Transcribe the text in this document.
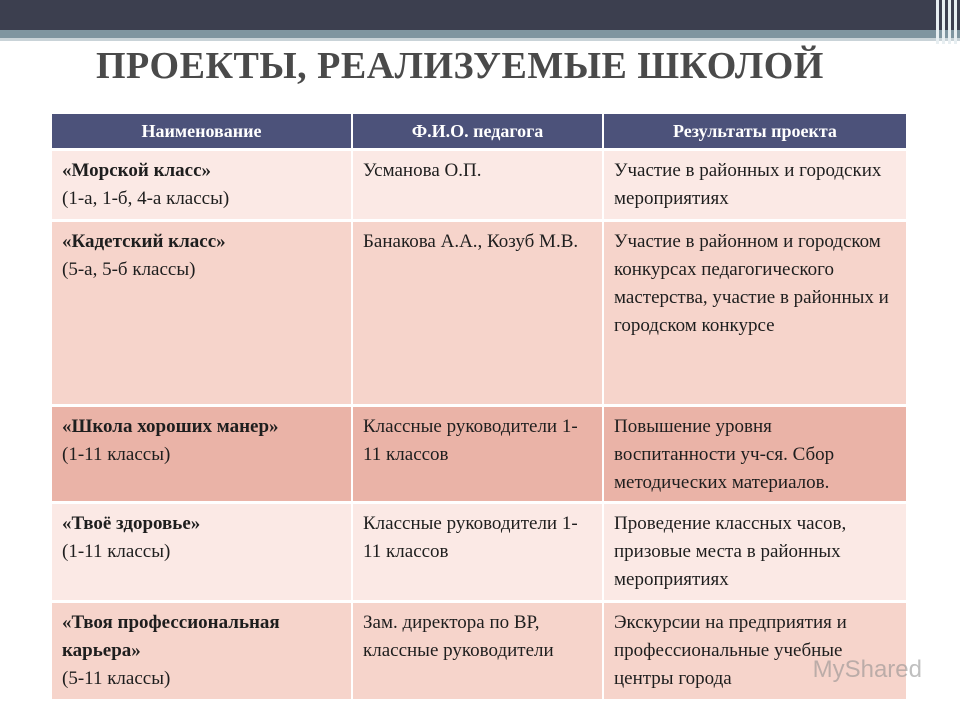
ПРОЕКТЫ, РЕАЛИЗУЕМЫЕ ШКОЛОЙ
Наименование	Ф.И.О. педагога	Результаты проекта

«Морской класс»
(1-а, 1-б, 4-а классы)	Усманова О.П.	Участие в районных и городских мероприятиях

«Кадетский класс»
(5-а, 5-б классы)	Банакова А.А., Козуб М.В.	Участие в районном и городском конкурсах педагогического мастерства, участие в районных и городском конкурсе

«Школа хороших манер»
(1-11 классы)	Классные руководители 1-11 классов	Повышение уровня воспитанности уч-ся. Сбор методических материалов.

«Твоё здоровье»
(1-11 классы)	Классные руководители 1-11 классов	Проведение классных часов, призовые места в районных мероприятиях

«Твоя профессиональная карьера»
(5-11 классы)	Зам. директора по ВР, классные руководители	Экскурсии на предприятия и профессиональные учебные центры города	MyShared
